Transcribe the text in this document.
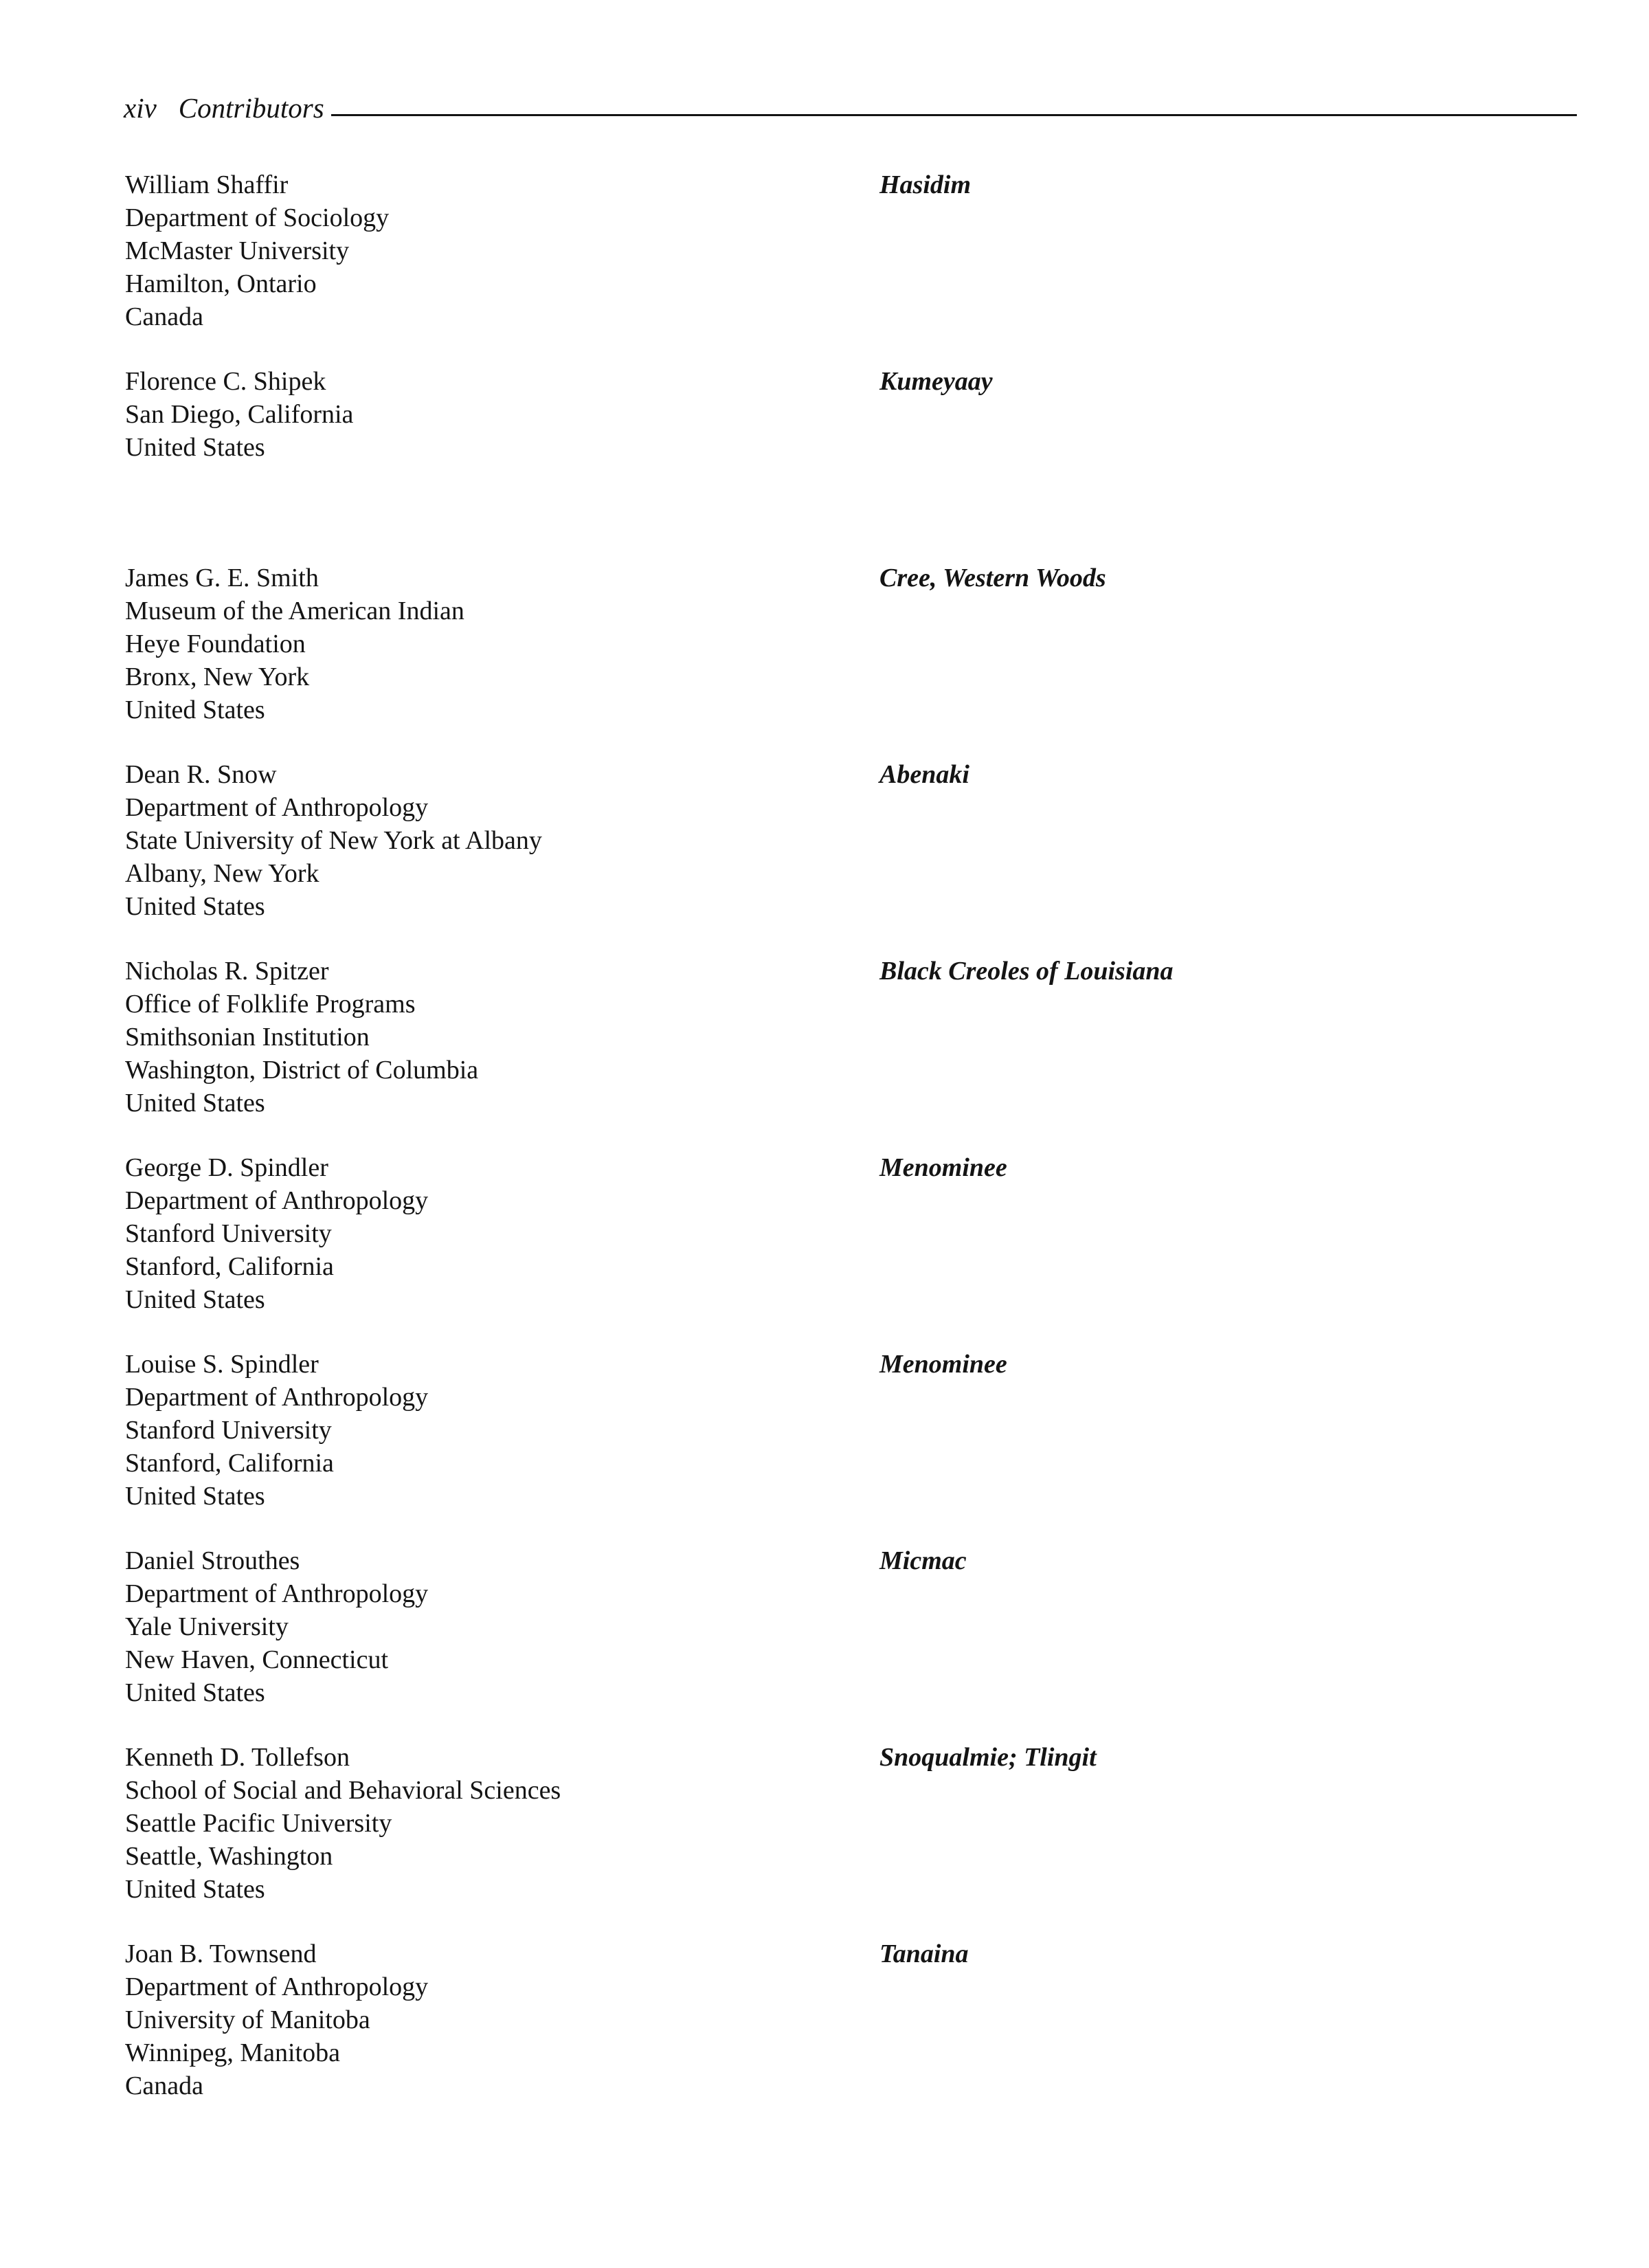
xiv Contributors
William Shaffir
Department of Sociology
McMaster University
Hamilton, Ontario
Canada
Hasidim
Florence C. Shipek
San Diego, California
United States
Kumeyaay
James G. E. Smith
Museum of the American Indian
Heye Foundation
Bronx, New York
United States
Cree, Western Woods
Dean R. Snow
Department of Anthropology
State University of New York at Albany
Albany, New York
United States
Abenaki
Nicholas R. Spitzer
Office of Folklife Programs
Smithsonian Institution
Washington, District of Columbia
United States
Black Creoles of Louisiana
George D. Spindler
Department of Anthropology
Stanford University
Stanford, California
United States
Menominee
Louise S. Spindler
Department of Anthropology
Stanford University
Stanford, California
United States
Menominee
Daniel Strouthes
Department of Anthropology
Yale University
New Haven, Connecticut
United States
Micmac
Kenneth D. Tollefson
School of Social and Behavioral Sciences
Seattle Pacific University
Seattle, Washington
United States
Snoqualmie; Tlingit
Joan B. Townsend
Department of Anthropology
University of Manitoba
Winnipeg, Manitoba
Canada
Tanaina
